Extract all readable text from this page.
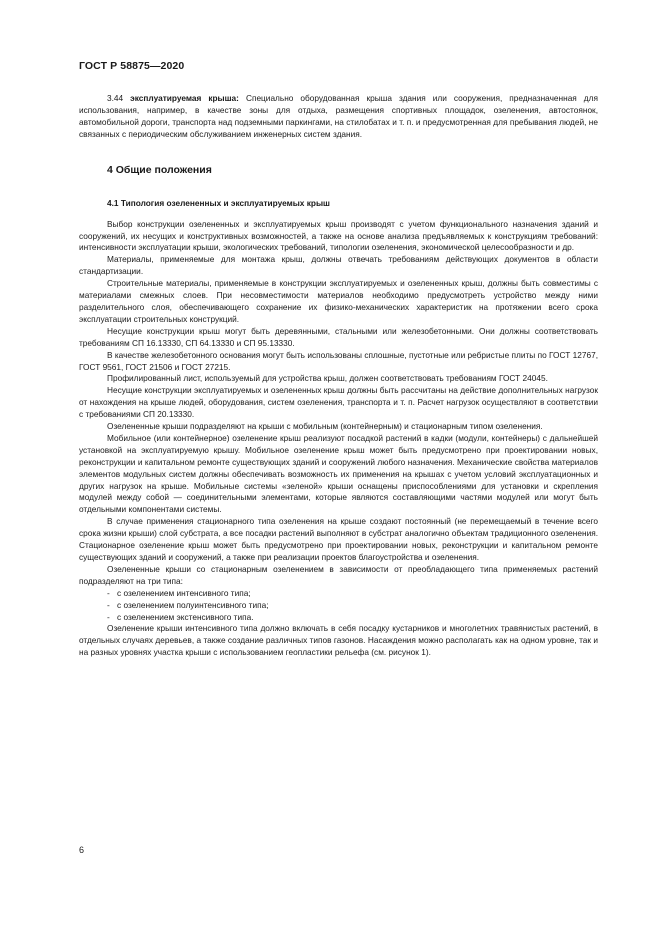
ГОСТ Р 58875—2020

3.44 эксплуатируемая крыша: Специально оборудованная крыша здания или сооружения, предназначенная для использования, например, в качестве зоны для отдыха, размещения спортивных площадок, озеленения, автостоянок, автомобильной дороги, транспорта над подземными паркингами, на стилобатах и т. п. и предусмотренная для пребывания людей, не связанных с периодическим обслуживанием инженерных систем здания.

4 Общие положения
4.1 Типология озелененных и эксплуатируемых крыш

Выбор конструкции озелененных и эксплуатируемых крыш производят с учетом функционального назначения зданий и сооружений, их несущих и конструктивных возможностей, а также на основе анализа предъявляемых к конструкциям требований: интенсивности эксплуатации крыши, экологических требований, типологии озеленения, экономической целесообразности и др.

Материалы, применяемые для монтажа крыш, должны отвечать требованиям действующих документов в области стандартизации.

Строительные материалы, применяемые в конструкции эксплуатируемых и озелененных крыш, должны быть совместимы с материалами смежных слоев. При несовместимости материалов необходимо предусмотреть устройство между ними разделительного слоя, обеспечивающего сохранение их физико-механических характеристик на протяжении всего срока эксплуатации строительных конструкций.

Несущие конструкции крыш могут быть деревянными, стальными или железобетонными. Они должны соответствовать требованиям СП 16.13330, СП 64.13330 и СП 95.13330.

В качестве железобетонного основания могут быть использованы сплошные, пустотные или ребристые плиты по ГОСТ 12767, ГОСТ 9561, ГОСТ 21506 и ГОСТ 27215.

Профилированный лист, используемый для устройства крыш, должен соответствовать требованиям ГОСТ 24045.

Несущие конструкции эксплуатируемых и озелененных крыш должны быть рассчитаны на действие дополнительных нагрузок от нахождения на крыше людей, оборудования, систем озеленения, транспорта и т. п. Расчет нагрузок осуществляют в соответствии с требованиями СП 20.13330.

Озелененные крыши подразделяют на крыши с мобильным (контейнерным) и стационарным типом озеленения.

Мобильное (или контейнерное) озеленение крыш реализуют посадкой растений в кадки (модули, контейнеры) с дальнейшей установкой на эксплуатируемую крышу. Мобильное озеленение крыш может быть предусмотрено при проектировании новых, реконструкции и капитальном ремонте существующих зданий и сооружений любого назначения. Механические свойства материалов элементов модульных систем должны обеспечивать возможность их применения на крышах с учетом условий эксплуатационных и других нагрузок на крыше. Мобильные системы «зеленой» крыши оснащены приспособлениями для установки и скрепления модулей между собой — соединительными элементами, которые являются составляющими частями модулей или могут быть отдельными компонентами системы.

В случае применения стационарного типа озеленения на крыше создают постоянный (не перемещаемый в течение всего срока жизни крыши) слой субстрата, а все посадки растений выполняют в субстрат аналогично объектам традиционного озеленения. Стационарное озеленение крыш может быть предусмотрено при проектировании новых, реконструкции и капитальном ремонте существующих зданий и сооружений, а также при реализации проектов благоустройства и озеленения.

Озелененные крыши со стационарным озеленением в зависимости от преобладающего типа применяемых растений подразделяют на три типа:

- с озеленением интенсивного типа;
- с озеленением полуинтенсивного типа;
- с озеленением экстенсивного типа.

Озеленение крыши интенсивного типа должно включать в себя посадку кустарников и многолетних травянистых растений, в отдельных случаях деревьев, а также создание различных типов газонов. Насаждения можно располагать как на одном уровне, так и на разных уровнях участка крыши с использованием геопластики рельефа (см. рисунок 1).

6
